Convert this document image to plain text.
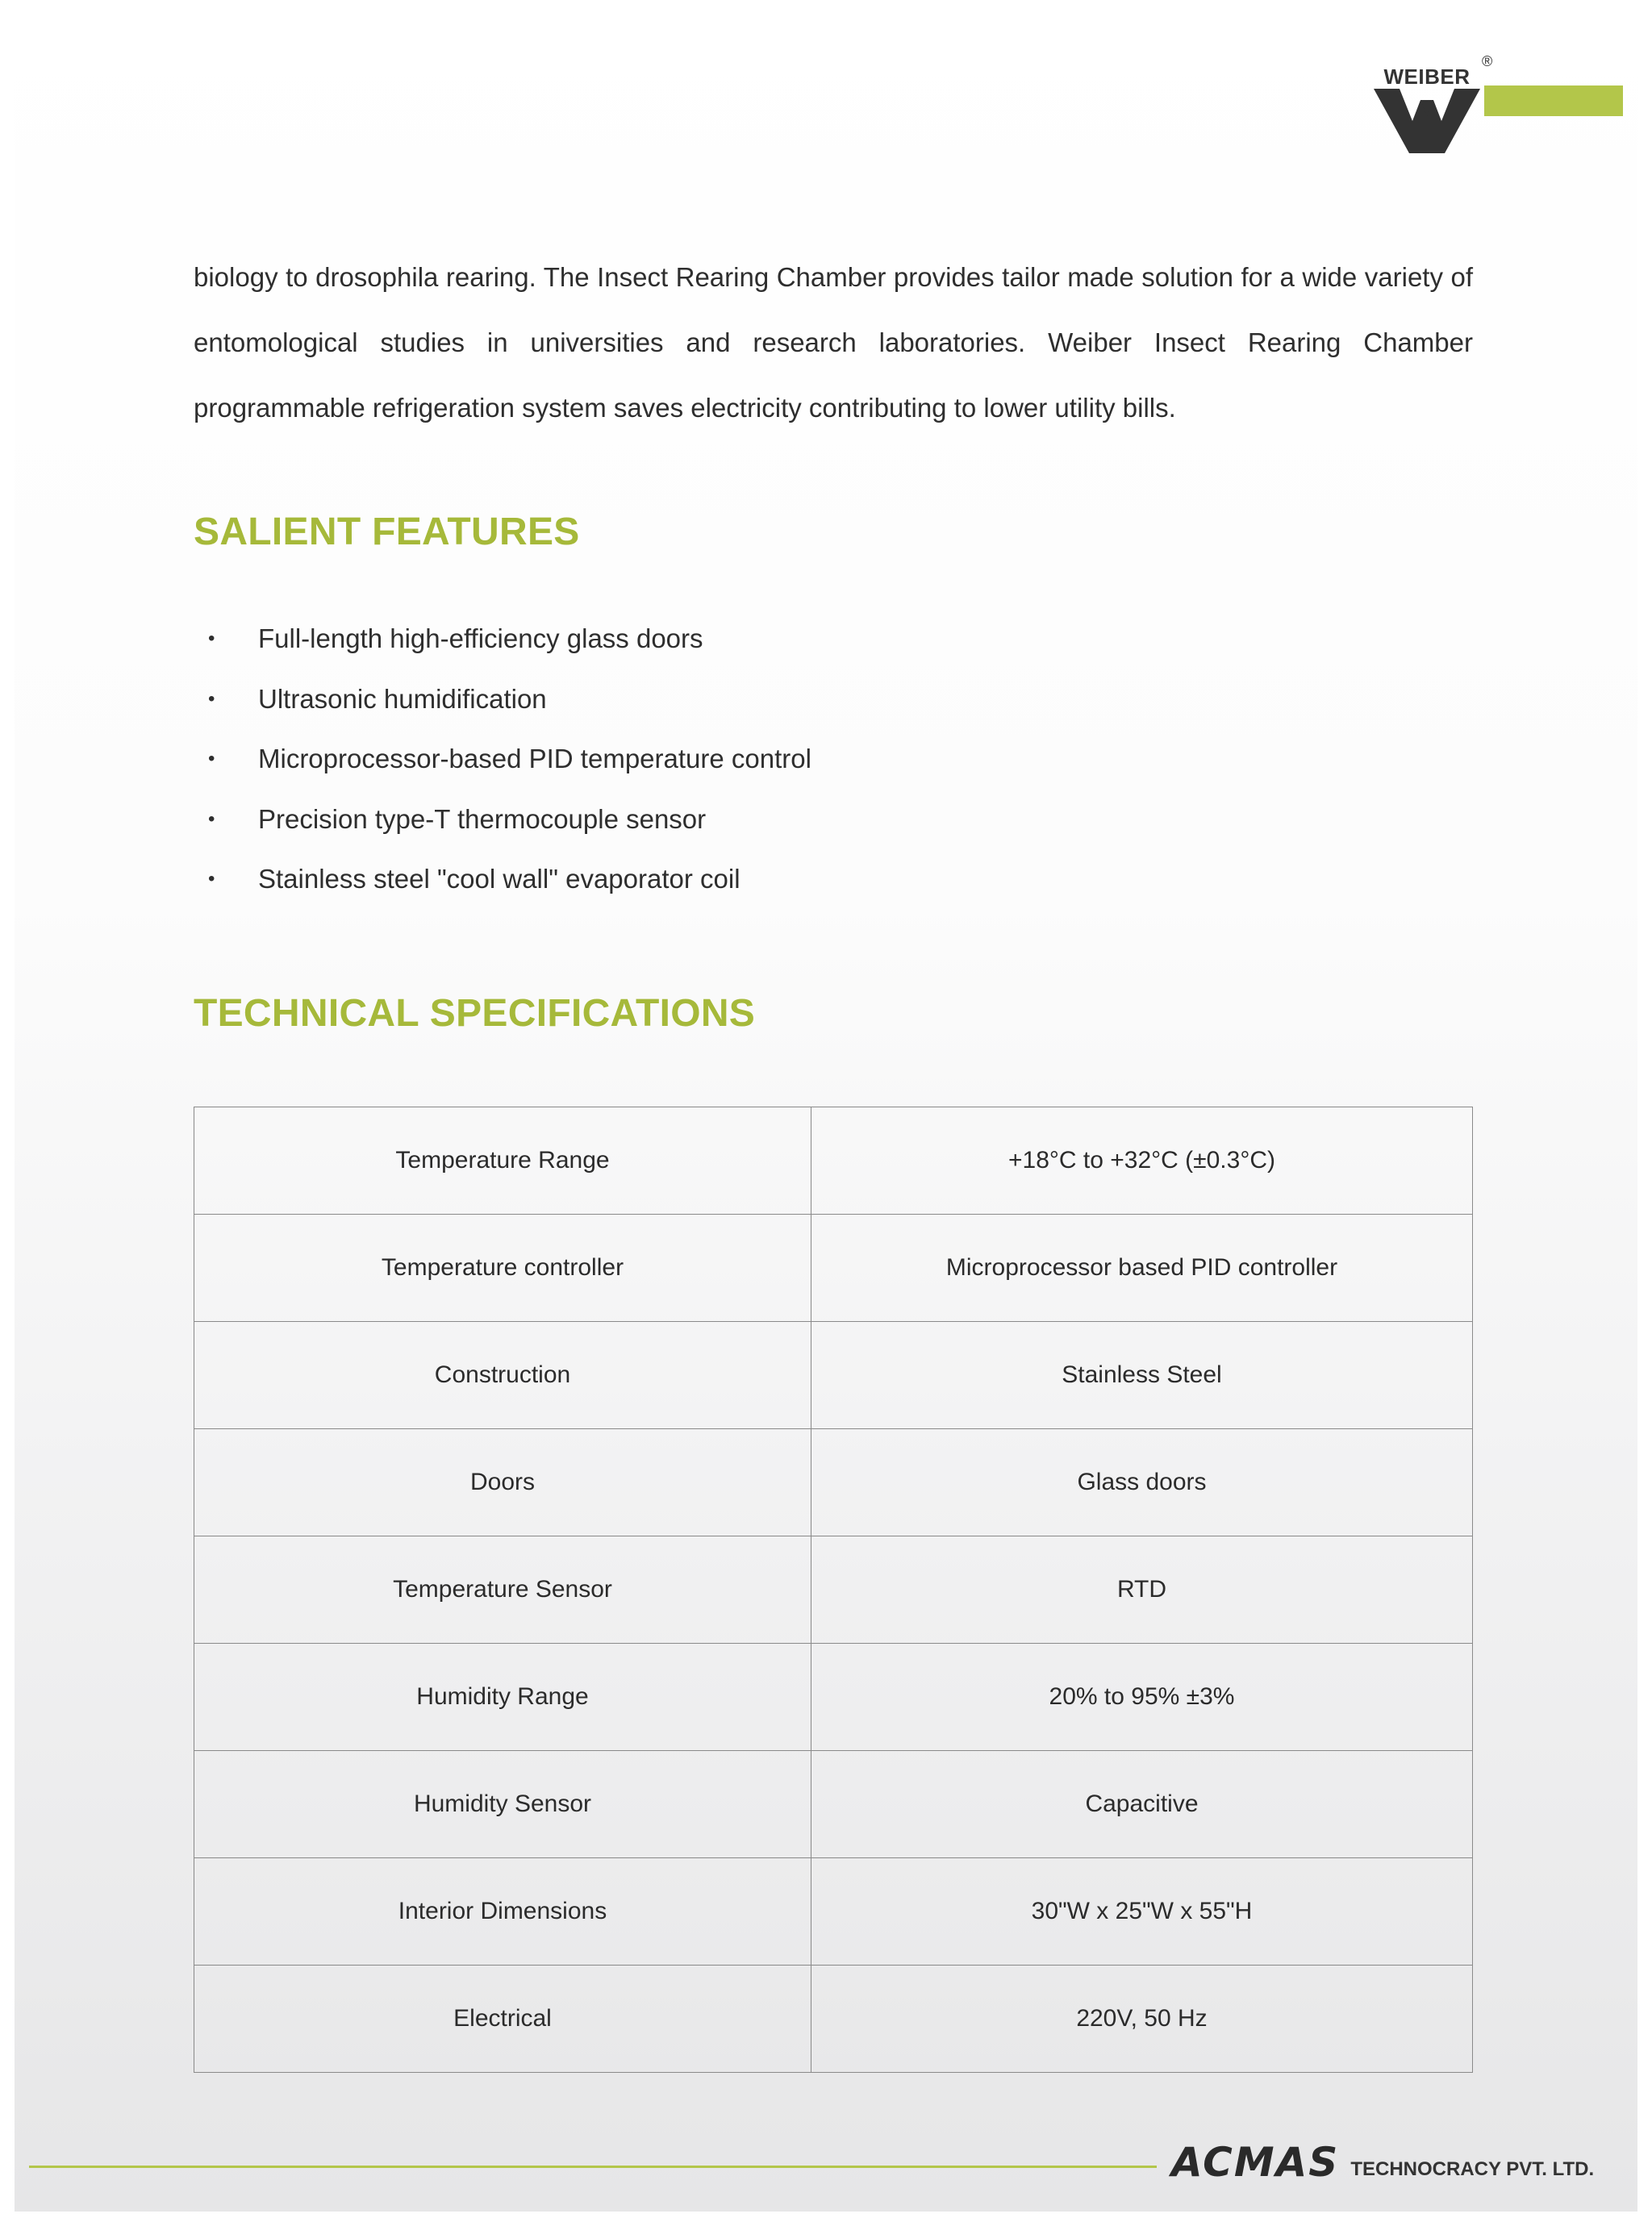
WEIBER
®

biology to drosophila rearing. The Insect Rearing Chamber provides tailor made solution for a wide variety of entomological studies in universities and research laboratories. Weiber Insect Rearing Chamber programmable refrigeration system saves electricity contributing to lower utility bills.

SALIENT FEATURES
• Full-length high-efficiency glass doors
• Ultrasonic humidification
• Microprocessor-based PID temperature control
• Precision type-T thermocouple sensor
• Stainless steel "cool wall" evaporator coil
TECHNICAL SPECIFICATIONS
Temperature Range	+18°C to +32°C (±0.3°C)
Temperature controller	Microprocessor based PID controller
Construction	Stainless Steel
Doors	Glass doors
Temperature Sensor	RTD
Humidity Range	20% to 95% ±3%
Humidity Sensor	Capacitive
Interior Dimensions	30"W x 25"W x 55"H
Electrical	220V, 50 Hz
ACMAS TECHNOCRACY PVT. LTD.
